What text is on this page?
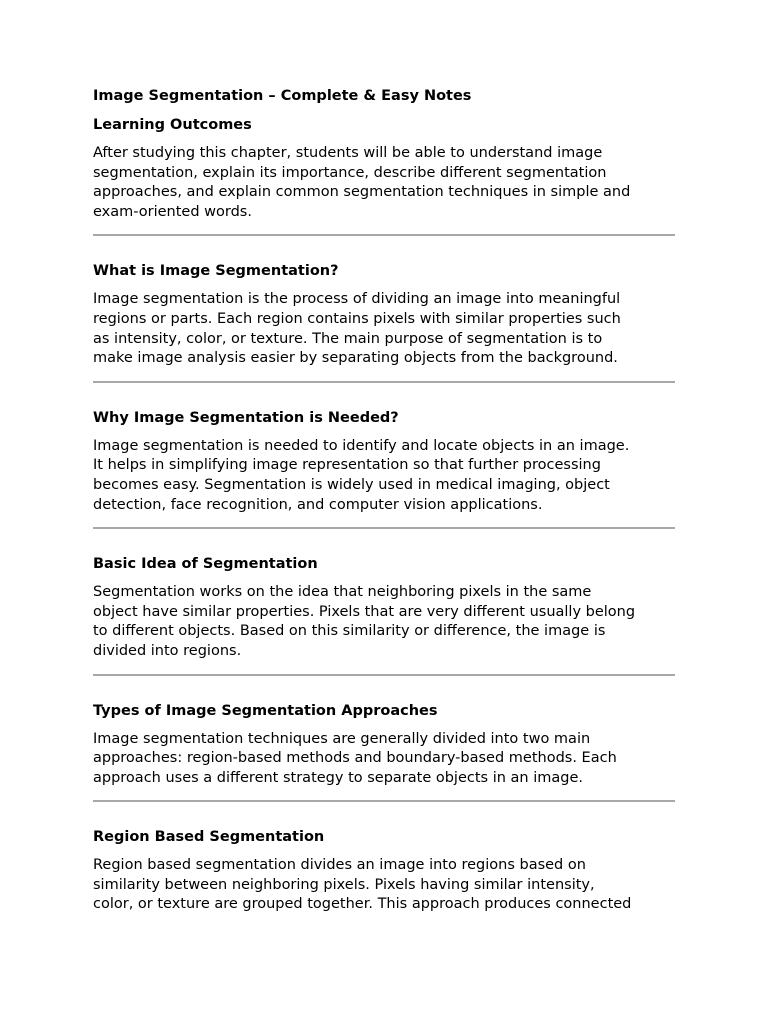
Image Segmentation – Complete & Easy Notes
Learning Outcomes

After studying this chapter, students will be able to understand image
segmentation, explain its importance, describe different segmentation
approaches, and explain common segmentation techniques in simple and
exam-oriented words.

What is Image Segmentation?

Image segmentation is the process of dividing an image into meaningful
regions or parts. Each region contains pixels with similar properties such
as intensity, color, or texture. The main purpose of segmentation is to
make image analysis easier by separating objects from the background.

Why Image Segmentation is Needed?

Image segmentation is needed to identify and locate objects in an image.
It helps in simplifying image representation so that further processing
becomes easy. Segmentation is widely used in medical imaging, object
detection, face recognition, and computer vision applications.

Basic Idea of Segmentation

Segmentation works on the idea that neighboring pixels in the same
object have similar properties. Pixels that are very different usually belong
to different objects. Based on this similarity or difference, the image is
divided into regions.

Types of Image Segmentation Approaches

Image segmentation techniques are generally divided into two main
approaches: region-based methods and boundary-based methods. Each
approach uses a different strategy to separate objects in an image.

Region Based Segmentation

Region based segmentation divides an image into regions based on
similarity between neighboring pixels. Pixels having similar intensity,
color, or texture are grouped together. This approach produces connected
